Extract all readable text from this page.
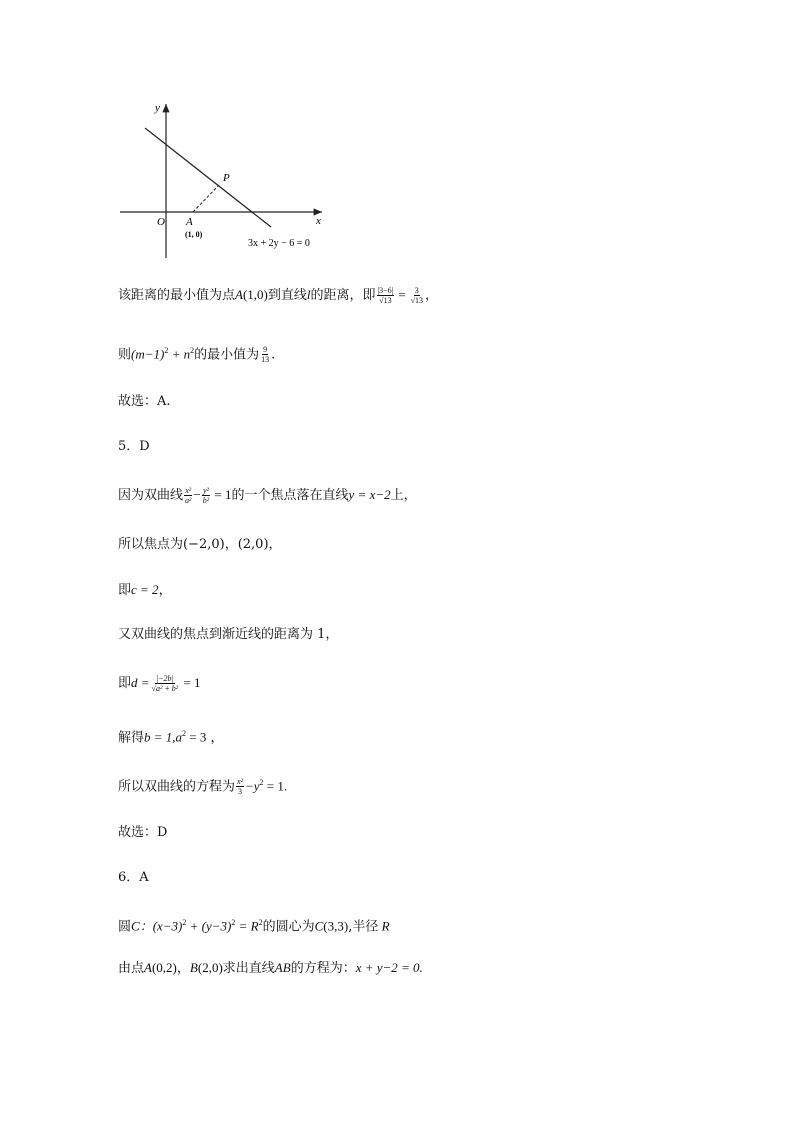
y
x
O A
(1, 0)
P
3x + 2y − 6 = 0
该距离的最小值为点A(1,0)到直线l的距离，即 $\frac{|3-6|}{√13} = \frac{3}{√13}$ ，
则$(m-1)^2 + n^2$的最小值为 $\frac{9}{13}$ .
故选：A.
5．D
因为双曲线 $\frac{\text{x²}}{\text{a²}} - \frac{\text{y²}}{\text{b²}} = 1$的一个焦点落在直线y = x−2上，
所以焦点为(−2,0)，(2,0)，
即c = 2，
又双曲线的焦点到渐近线的距离为 1，
即$d = \frac{|-2b|}{\text{√a² + b²}} = 1$
解得$b = 1,a^2 = 3$ ，
所以双曲线的方程为 $\frac{\text{x²}}{3} -y^2 = 1$.
故选：D
6．A
圆C：$(x-3)^2 + (y-3)^2 = R^2$的圆心为C(3,3),半径 R
由点A(0,2)，B(2,0)求出直线AB的方程为：x + y−2 = 0.
